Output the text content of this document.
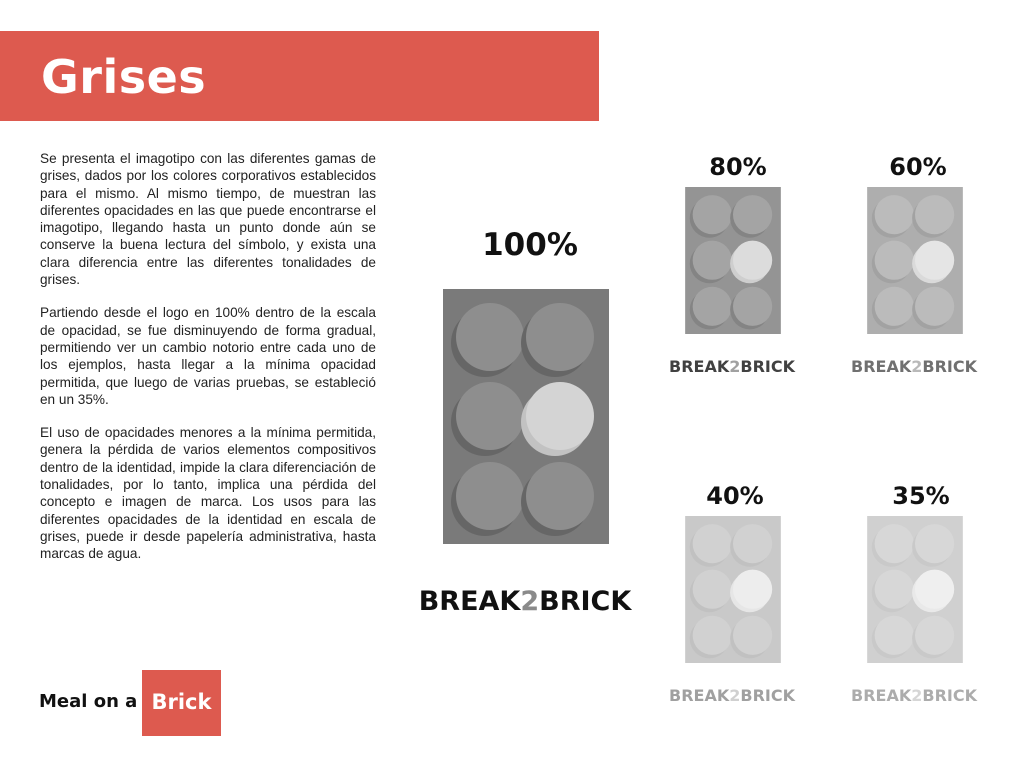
Grises

Se presenta el imagotipo con las diferentes gamas de grises, dados por los colores corporativos establecidos para el mismo. Al mismo tiempo, de muestran las diferentes opacidades en las que puede encontrarse el imagotipo, llegando hasta un punto donde aún se conserve la buena lectura del símbolo, y exista una clara diferencia entre las diferentes tonalidades de grises.

Partiendo desde el logo en 100% dentro de la escala de opacidad, se fue disminuyendo de forma gradual, permitiendo ver un cambio notorio entre cada uno de los ejemplos, hasta llegar a la mínima opacidad permitida, que luego de varias pruebas, se estableció en un 35%.

El uso de opacidades menores a la mínima permitida, genera la pérdida de varios elementos compositivos dentro de la identidad, impide la clara diferenciación de tonalidades, por lo tanto, implica una pérdida del concepto e imagen de marca. Los usos para las diferentes opacidades de la identidad en escala de grises, puede ir desde papelería administrativa, hasta marcas de agua.

100%
BREAK2BRICK
80%
BREAK2BRICK
60%
BREAK2BRICK
40%
BREAK2BRICK
35%
BREAK2BRICK
Meal on a Brick
